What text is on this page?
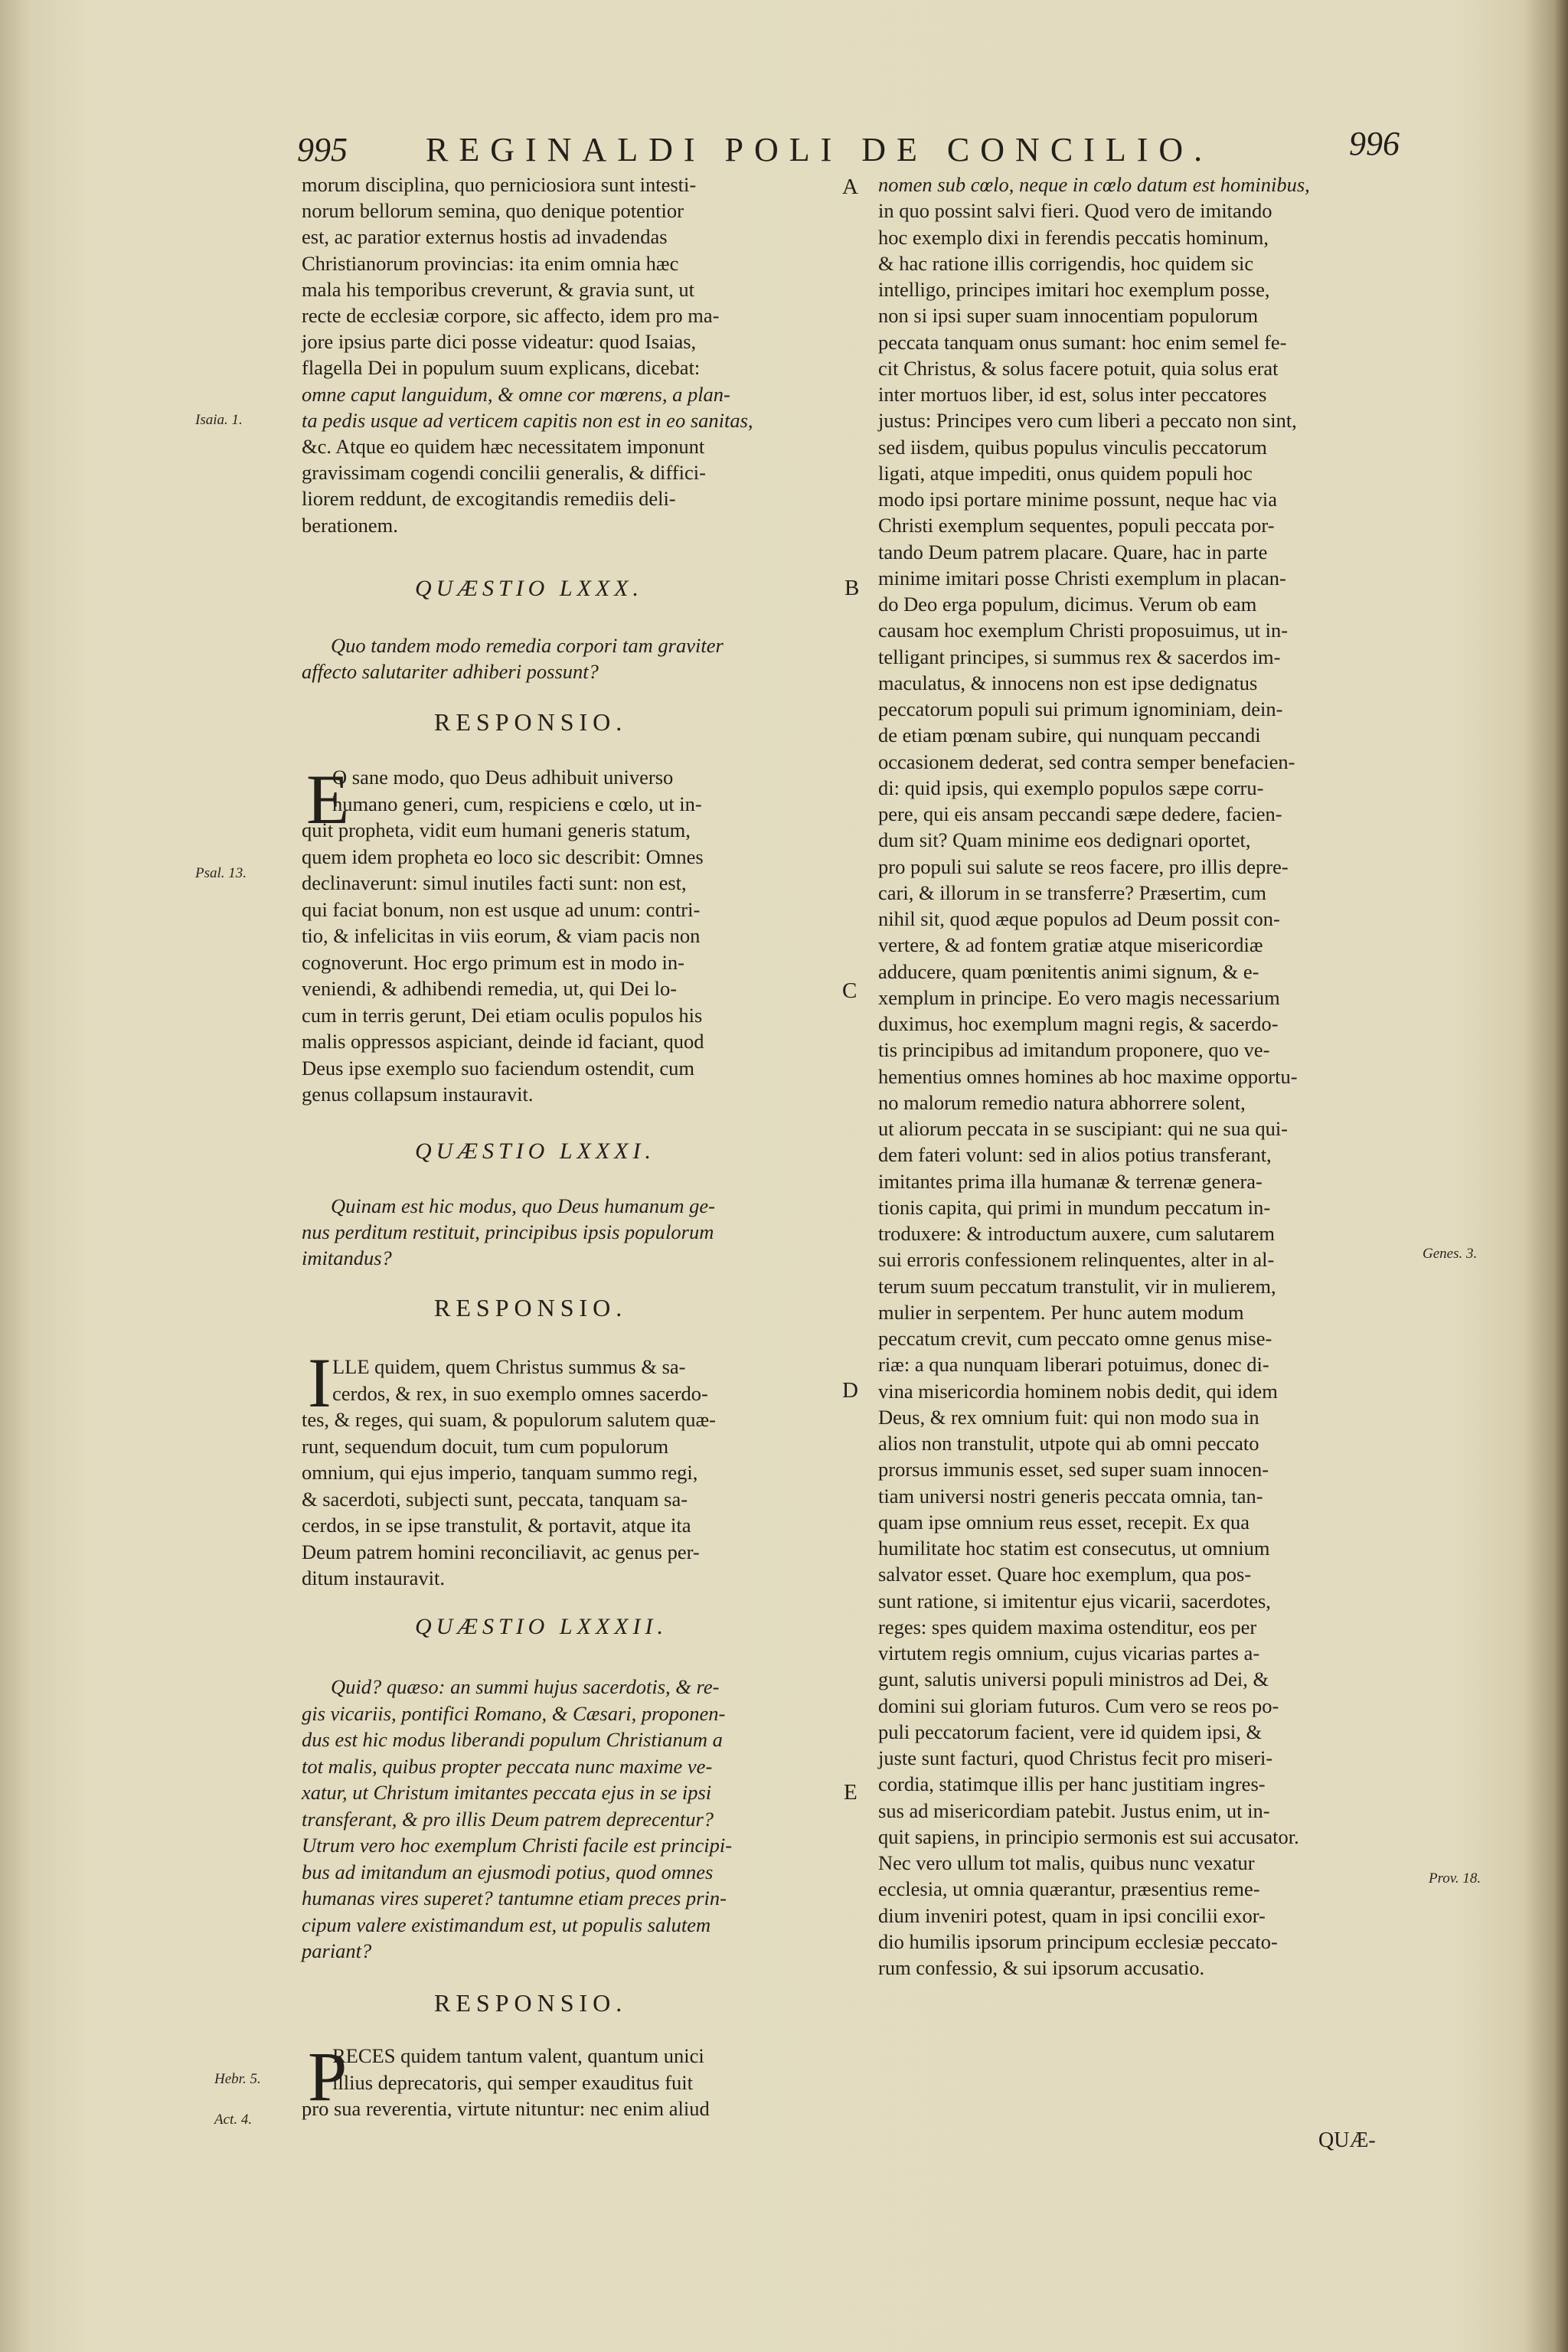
995 REGINALDI POLI DE CONCILIO.	996
QUÆSTIO LXXX.
RESPONSIO.
E
QUÆSTIO LXXXI.
RESPONSIO.
I
QUÆSTIO LXXXII.
RESPONSIO.
P
morum disciplina, quo perniciosiora sunt intesti-
norum bellorum semina, quo denique potentior
est, ac paratior externus hostis ad invadendas
Christianorum provincias: ita enim omnia hæc
mala his temporibus creverunt, & gravia sunt, ut
recte de ecclesiæ corpore, sic affecto, idem pro ma-
jore ipsius parte dici posse videatur: quod Isaias,
flagella Dei in populum suum explicans, dicebat:
omne caput languidum, & omne cor mœrens, a plan-
ta pedis usque ad verticem capitis non est in eo sanitas,
&c. Atque eo quidem hæc necessitatem imponunt
gravissimam cogendi concilii generalis, & diffici-
liorem reddunt, de excogitandis remediis deli-
berationem.
Quo tandem modo remedia corpori tam graviter
affecto salutariter adhiberi possunt?
O sane modo, quo Deus adhibuit universo
humano generi, cum, respiciens e cœlo, ut in-
quit propheta, vidit eum humani generis statum,
quem idem propheta eo loco sic describit: Omnes
declinaverunt: simul inutiles facti sunt: non est,
qui faciat bonum, non est usque ad unum: contri-
tio, & infelicitas in viis eorum, & viam pacis non
cognoverunt. Hoc ergo primum est in modo in-
veniendi, & adhibendi remedia, ut, qui Dei lo-
cum in terris gerunt, Dei etiam oculis populos his
malis oppressos aspiciant, deinde id faciant, quod
Deus ipse exemplo suo faciendum ostendit, cum
genus collapsum instauravit.
Quinam est hic modus, quo Deus humanum ge-
nus perditum restituit, principibus ipsis populorum
imitandus?
LLE quidem, quem Christus summus & sa-
cerdos, & rex, in suo exemplo omnes sacerdo-
tes, & reges, qui suam, & populorum salutem quæ-
runt, sequendum docuit, tum cum populorum
omnium, qui ejus imperio, tanquam summo regi,
& sacerdoti, subjecti sunt, peccata, tanquam sa-
cerdos, in se ipse transtulit, & portavit, atque ita
Deum patrem homini reconciliavit, ac genus per-
ditum instauravit.
Quid? quæso: an summi hujus sacerdotis, & re-
gis vicariis, pontifici Romano, & Cæsari, proponen-
dus est hic modus liberandi populum Christianum a
tot malis, quibus propter peccata nunc maxime ve-
xatur, ut Christum imitantes peccata ejus in se ipsi
transferant, & pro illis Deum patrem deprecentur?
Utrum vero hoc exemplum Christi facile est principi-
bus ad imitandum an ejusmodi potius, quod omnes
humanas vires superet? tantumne etiam preces prin-
cipum valere existimandum est, ut populis salutem
pariant?
RECES quidem tantum valent, quantum unici
illius deprecatoris, qui semper exauditus fuit
pro sua reverentia, virtute nituntur: nec enim aliud
nomen sub cœlo, neque in cœlo datum est hominibus,
in quo possint salvi fieri. Quod vero de imitando
hoc exemplo dixi in ferendis peccatis hominum,
& hac ratione illis corrigendis, hoc quidem sic
intelligo, principes imitari hoc exemplum posse,
non si ipsi super suam innocentiam populorum
peccata tanquam onus sumant: hoc enim semel fe-
cit Christus, & solus facere potuit, quia solus erat
inter mortuos liber, id est, solus inter peccatores
justus: Principes vero cum liberi a peccato non sint,
sed iisdem, quibus populus vinculis peccatorum
ligati, atque impediti, onus quidem populi hoc
modo ipsi portare minime possunt, neque hac via
Christi exemplum sequentes, populi peccata por-
tando Deum patrem placare. Quare, hac in parte
minime imitari posse Christi exemplum in placan-
do Deo erga populum, dicimus. Verum ob eam
causam hoc exemplum Christi proposuimus, ut in-
telligant principes, si summus rex & sacerdos im-
maculatus, & innocens non est ipse dedignatus
peccatorum populi sui primum ignominiam, dein-
de etiam pœnam subire, qui nunquam peccandi
occasionem dederat, sed contra semper benefacien-
di: quid ipsis, qui exemplo populos sæpe corru-
pere, qui eis ansam peccandi sæpe dedere, facien-
dum sit? Quam minime eos dedignari oportet,
pro populi sui salute se reos facere, pro illis depre-
cari, & illorum in se transferre? Præsertim, cum
nihil sit, quod æque populos ad Deum possit con-
vertere, & ad fontem gratiæ atque misericordiæ
adducere, quam pœnitentis animi signum, & e-
xemplum in principe. Eo vero magis necessarium
duximus, hoc exemplum magni regis, & sacerdo-
tis principibus ad imitandum proponere, quo ve-
hementius omnes homines ab hoc maxime opportu-
no malorum remedio natura abhorrere solent,
ut aliorum peccata in se suscipiant: qui ne sua qui-
dem fateri volunt: sed in alios potius transferant,
imitantes prima illa humanæ & terrenæ genera-
tionis capita, qui primi in mundum peccatum in-
troduxere: & introductum auxere, cum salutarem
sui erroris confessionem relinquentes, alter in al-
terum suum peccatum transtulit, vir in mulierem,
mulier in serpentem. Per hunc autem modum
peccatum crevit, cum peccato omne genus mise-
riæ: a qua nunquam liberari potuimus, donec di-
vina misericordia hominem nobis dedit, qui idem
Deus, & rex omnium fuit: qui non modo sua in
alios non transtulit, utpote qui ab omni peccato
prorsus immunis esset, sed super suam innocen-
tiam universi nostri generis peccata omnia, tan-
quam ipse omnium reus esset, recepit. Ex qua
humilitate hoc statim est consecutus, ut omnium
salvator esset. Quare hoc exemplum, qua pos-
sunt ratione, si imitentur ejus vicarii, sacerdotes,
reges: spes quidem maxima ostenditur, eos per
virtutem regis omnium, cujus vicarias partes a-
gunt, salutis universi populi ministros ad Dei, &
domini sui gloriam futuros. Cum vero se reos po-
puli peccatorum facient, vere id quidem ipsi, &
juste sunt facturi, quod Christus fecit pro miseri-
cordia, statimque illis per hanc justitiam ingres-
sus ad misericordiam patebit. Justus enim, ut in-
quit sapiens, in principio sermonis est sui accusator.
Nec vero ullum tot malis, quibus nunc vexatur
ecclesia, ut omnia quærantur, præsentius reme-
dium inveniri potest, quam in ipsi concilii exor-
dio humilis ipsorum principum ecclesiæ peccato-
rum confessio, & sui ipsorum accusatio.
QUÆ-
A
B
C
D
E
Isaia. 1.
Psal. 13.
Hebr. 5.
Act. 4.
Genes. 3.
Prov. 18.
